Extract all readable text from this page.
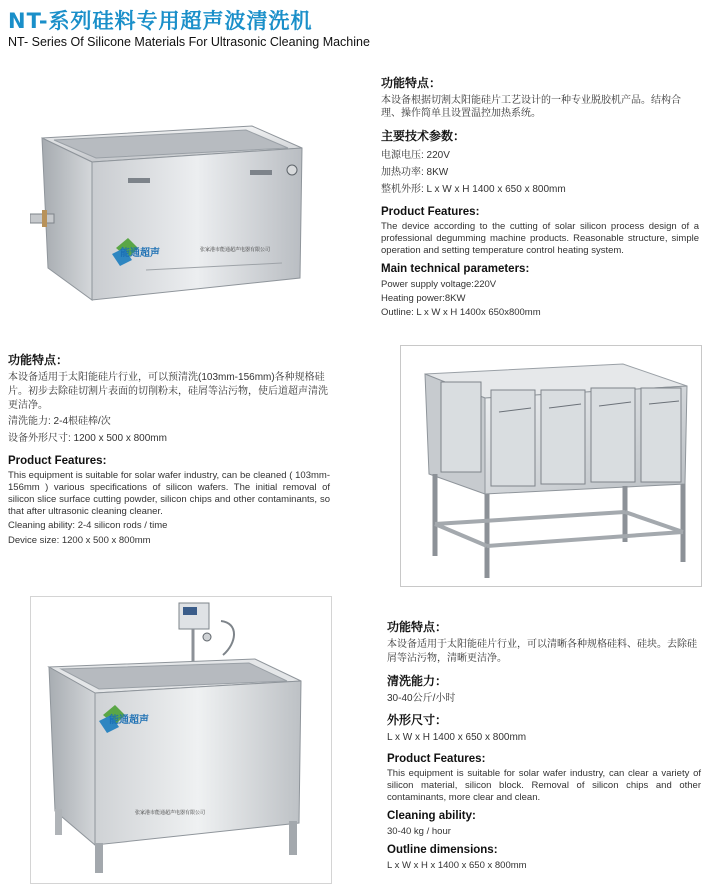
NT-系列硅料专用超声波清洗机
NT- Series Of Silicone Materials For Ultrasonic Cleaning Machine
能通超声	张家港市能通超声电器有限公司

功能特点：

本设备根据切割太阳能硅片工艺设计的一种专业脱胶机产品。结构合理、操作简单且设置温控加热系统。

主要技术参数：

电源电压: 220V

加热功率: 8KW

整机外形: L x W x H 1400 x 650 x 800mm

Product Features:

The device according to the cutting of solar silicon process design of a professional degumming machine products. Reasonable structure, simple operation and setting temperature control heating system.

Main technical parameters:

Power supply voltage:220V

Heating power:8KW

Outline: L x W x H 1400x 650x800mm

功能特点：

本设备适用于太阳能硅片行业，可以预清洗(103mm-156mm)各种规格硅片。初步去除硅切割片表面的切削粉末，硅屑等沾污物，使后道超声清洗更洁净。

清洗能力: 2-4根硅棒/次

设备外形尺寸: 1200 x 500 x 800mm

Product Features:

This equipment is suitable for solar wafer industry, can be cleaned ( 103mm-156mm ) various specifications of silicon wafers. The initial removal of silicon slice surface cutting powder, silicon chips and other contaminants, so that after ultrasonic cleaning cleaner.

Cleaning ability: 2-4 silicon rods / time

Device size: 1200 x 500 x 800mm

能通超声
张家港市能通超声电器有限公司

功能特点：

本设备适用于太阳能硅片行业，可以清晰各种规格硅料、硅块。去除硅屑等沾污物，清晰更洁净。

清洗能力：

30-40公斤/小时

外形尺寸：

L x W x H 1400 x 650 x 800mm

Product Features:

This equipment is suitable for solar wafer industry, can clear a variety of silicon material, silicon block. Removal of silicon chips and other contaminants, more clear and clean.

Cleaning ability:

30-40 kg / hour

Outline dimensions:

L x W x H x 1400 x 650 x 800mm
